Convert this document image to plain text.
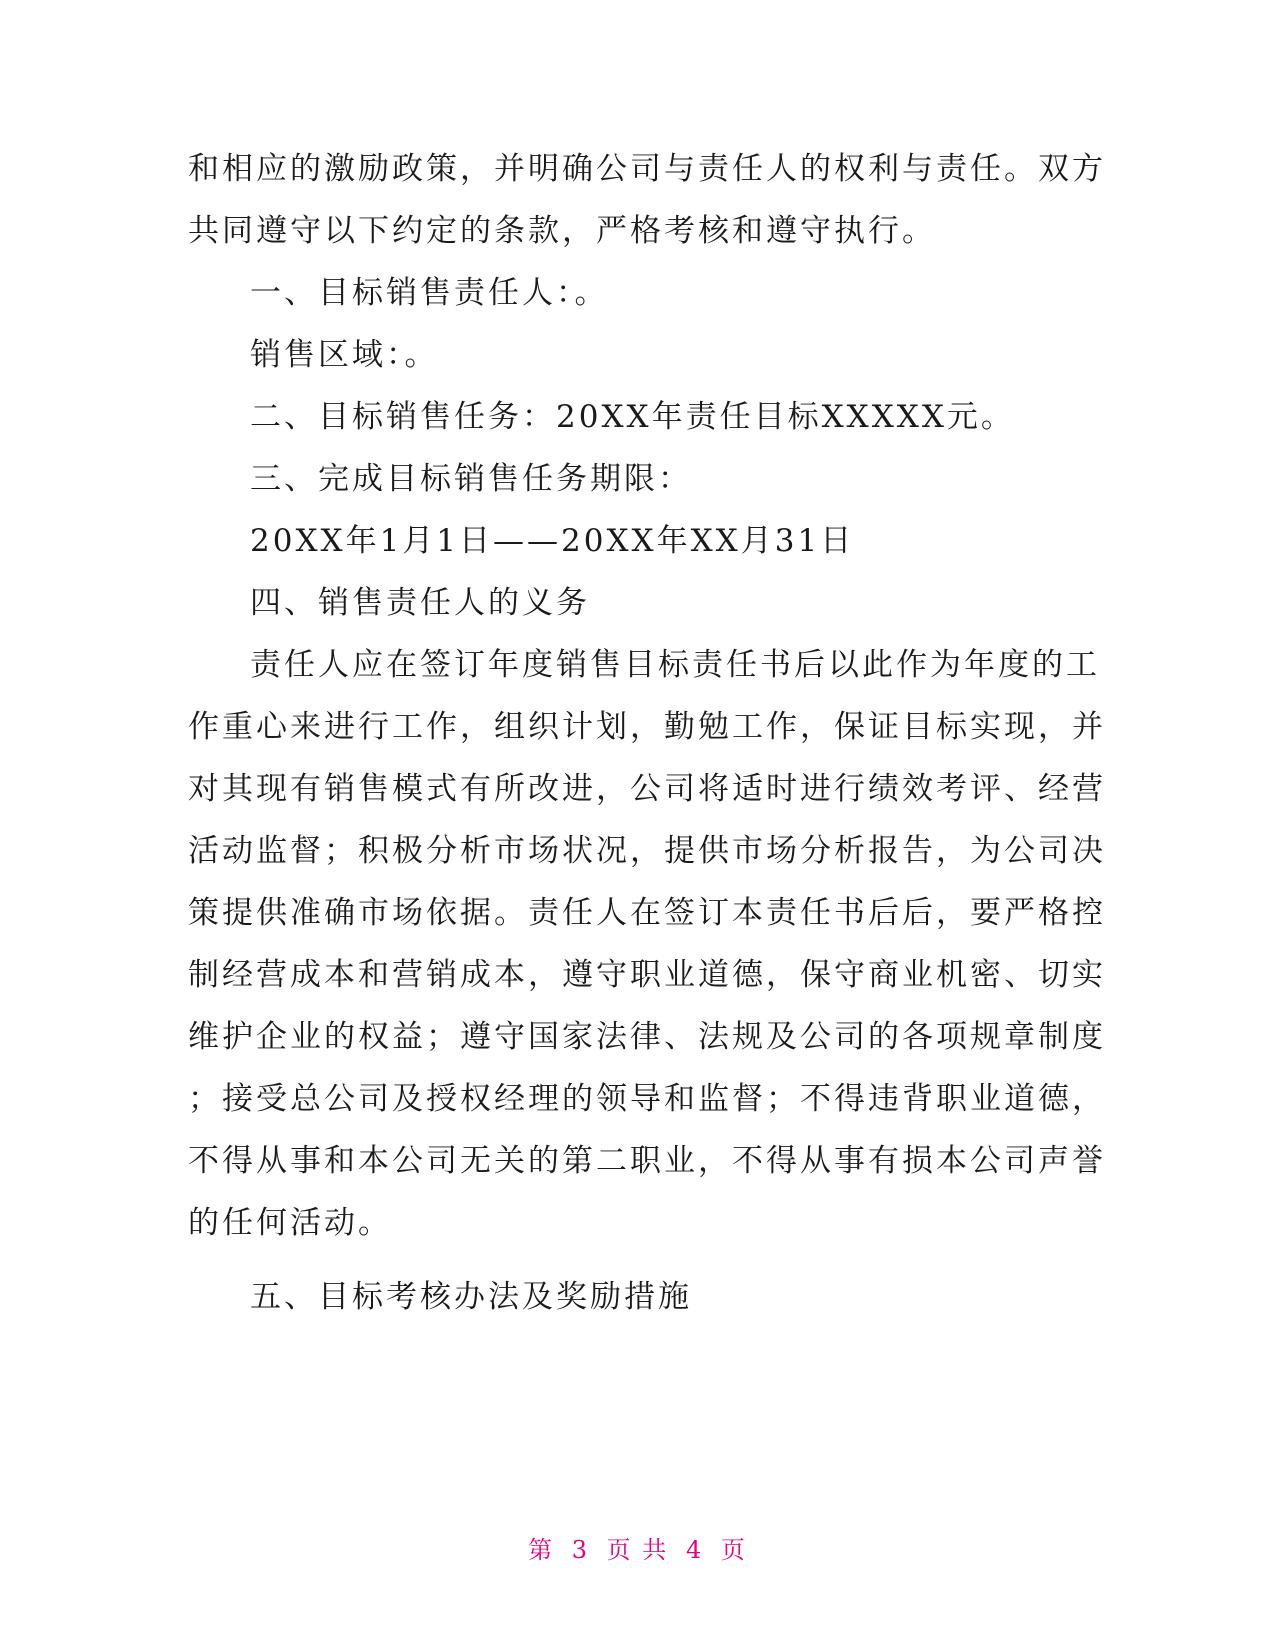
和相应的激励政策，并明确公司与责任人的权利与责任。双方
共同遵守以下约定的条款，严格考核和遵守执行。
一、目标销售责任人：。
销售区域：。
二、目标销售任务：20XX年责任目标XXXXX元。
三、完成目标销售任务期限：
20XX年1月1日——20XX年XX月31日
四、销售责任人的义务
责任人应在签订年度销售目标责任书后以此作为年度的工
作重心来进行工作，组织计划，勤勉工作，保证目标实现，并
对其现有销售模式有所改进，公司将适时进行绩效考评、经营
活动监督；积极分析市场状况，提供市场分析报告，为公司决
策提供准确市场依据。责任人在签订本责任书后后，要严格控
制经营成本和营销成本，遵守职业道德，保守商业机密、切实
维护企业的权益；遵守国家法律、法规及公司的各项规章制度
；接受总公司及授权经理的领导和监督；不得违背职业道德，
不得从事和本公司无关的第二职业，不得从事有损本公司声誉
的任何活动。
五、目标考核办法及奖励措施
第 3 页 共 4 页
